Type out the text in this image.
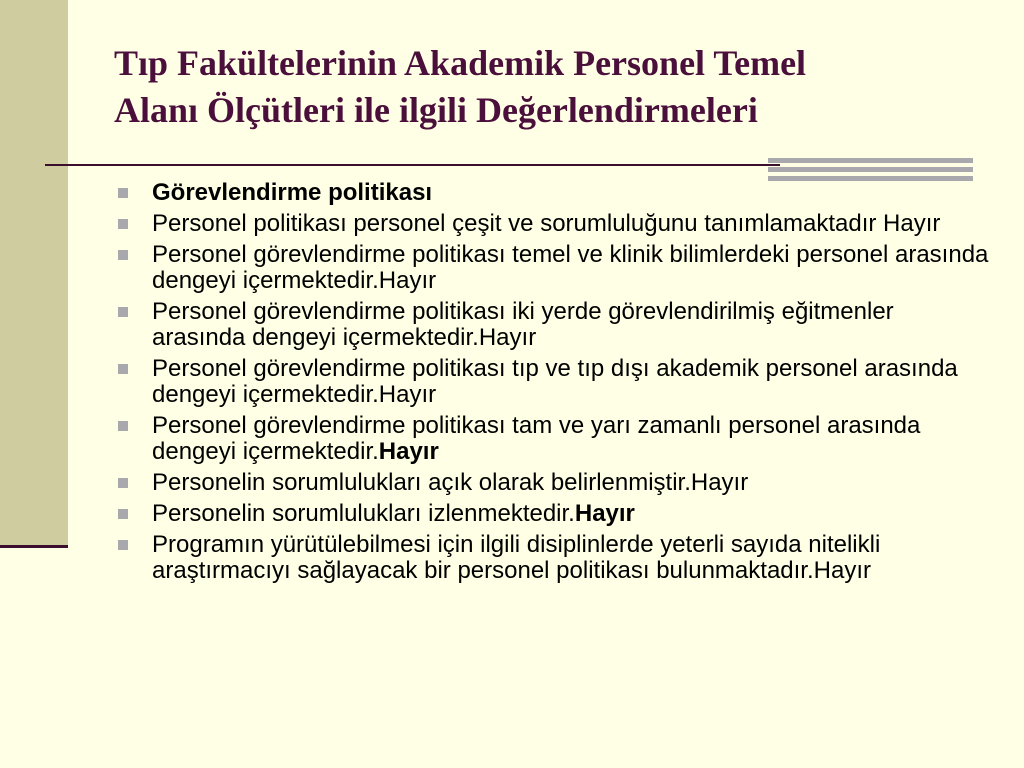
Tıp Fakültelerinin Akademik Personel Temel
Alanı Ölçütleri ile ilgili Değerlendirmeleri
Görevlendirme politikası
Personel politikası personel çeşit ve sorumluluğunu tanımlamaktadır Hayır
Personel görevlendirme politikası temel ve klinik bilimlerdeki personel arasında dengeyi içermektedir.Hayır
Personel görevlendirme politikası iki yerde görevlendirilmiş eğitmenler arasında dengeyi içermektedir.Hayır
Personel görevlendirme politikası tıp ve tıp dışı akademik personel arasında dengeyi içermektedir.Hayır
Personel görevlendirme politikası tam ve yarı zamanlı personel arasında dengeyi içermektedir.Hayır
Personelin sorumlulukları açık olarak belirlenmiştir.Hayır
Personelin sorumlulukları izlenmektedir.Hayır
Programın yürütülebilmesi için ilgili disiplinlerde yeterli sayıda nitelikli araştırmacıyı sağlayacak bir personel politikası bulunmaktadır.Hayır
